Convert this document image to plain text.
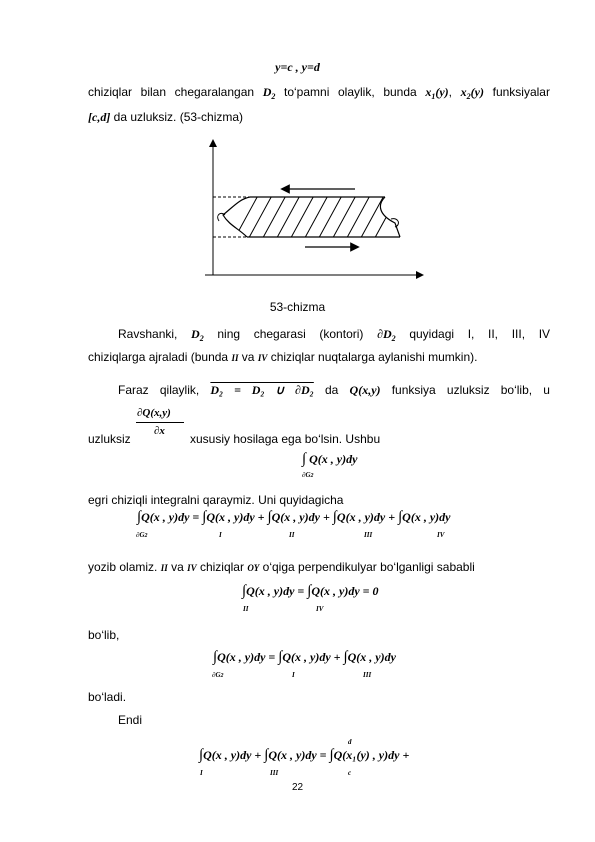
y=c , y=d
chiziqlar bilan chegaralangan $D_2$ to‘pamni olaylik, bunda $x_1(y)$, $x_2(y)$ funksiyalar
[c,d] da uzluksiz. (53-chizma)
53-chizma
Ravshanki, $D_2$ ning chegarasi (kontori) $\partial D_2$ quyidagi I, II, III, IV
chiziqlarga ajraladi (bunda II va IV chiziqlar nuqtalarga aylanishi mumkin).
Faraz qilaylik, D₂ = D₂ ∪ ∂D₂ da Q(x,y) funksiya uzluksiz bo‘lib, u
uzluksiz
∂Q(x,y)
∂x
xususiy hosilaga ega bo‘lsin. Ushbu
∫ Q(x , y)dy
∂G2
egri chiziqli integralni qaraymiz. Uni quyidagicha
∫Q(x , y)dy = ∫Q(x , y)dy + ∫Q(x , y)dy + ∫Q(x , y)dy + ∫Q(x , y)dy
∂G2	I	II	III	IV
yozib olamiz. II va IV chiziqlar OY o‘qiga perpendikulyar bo‘lganligi sababli
∫Q(x , y)dy = ∫Q(x , y)dy = 0
II	IV
bo‘lib,
∫Q(x , y)dy = ∫Q(x , y)dy + ∫Q(x , y)dy
∂G2	I	III
bo‘ladi.
Endi
∫Q(x , y)dy + ∫Q(x , y)dy = ∫Q(x₁(y) , y)dy +
I	III	c
d
22
